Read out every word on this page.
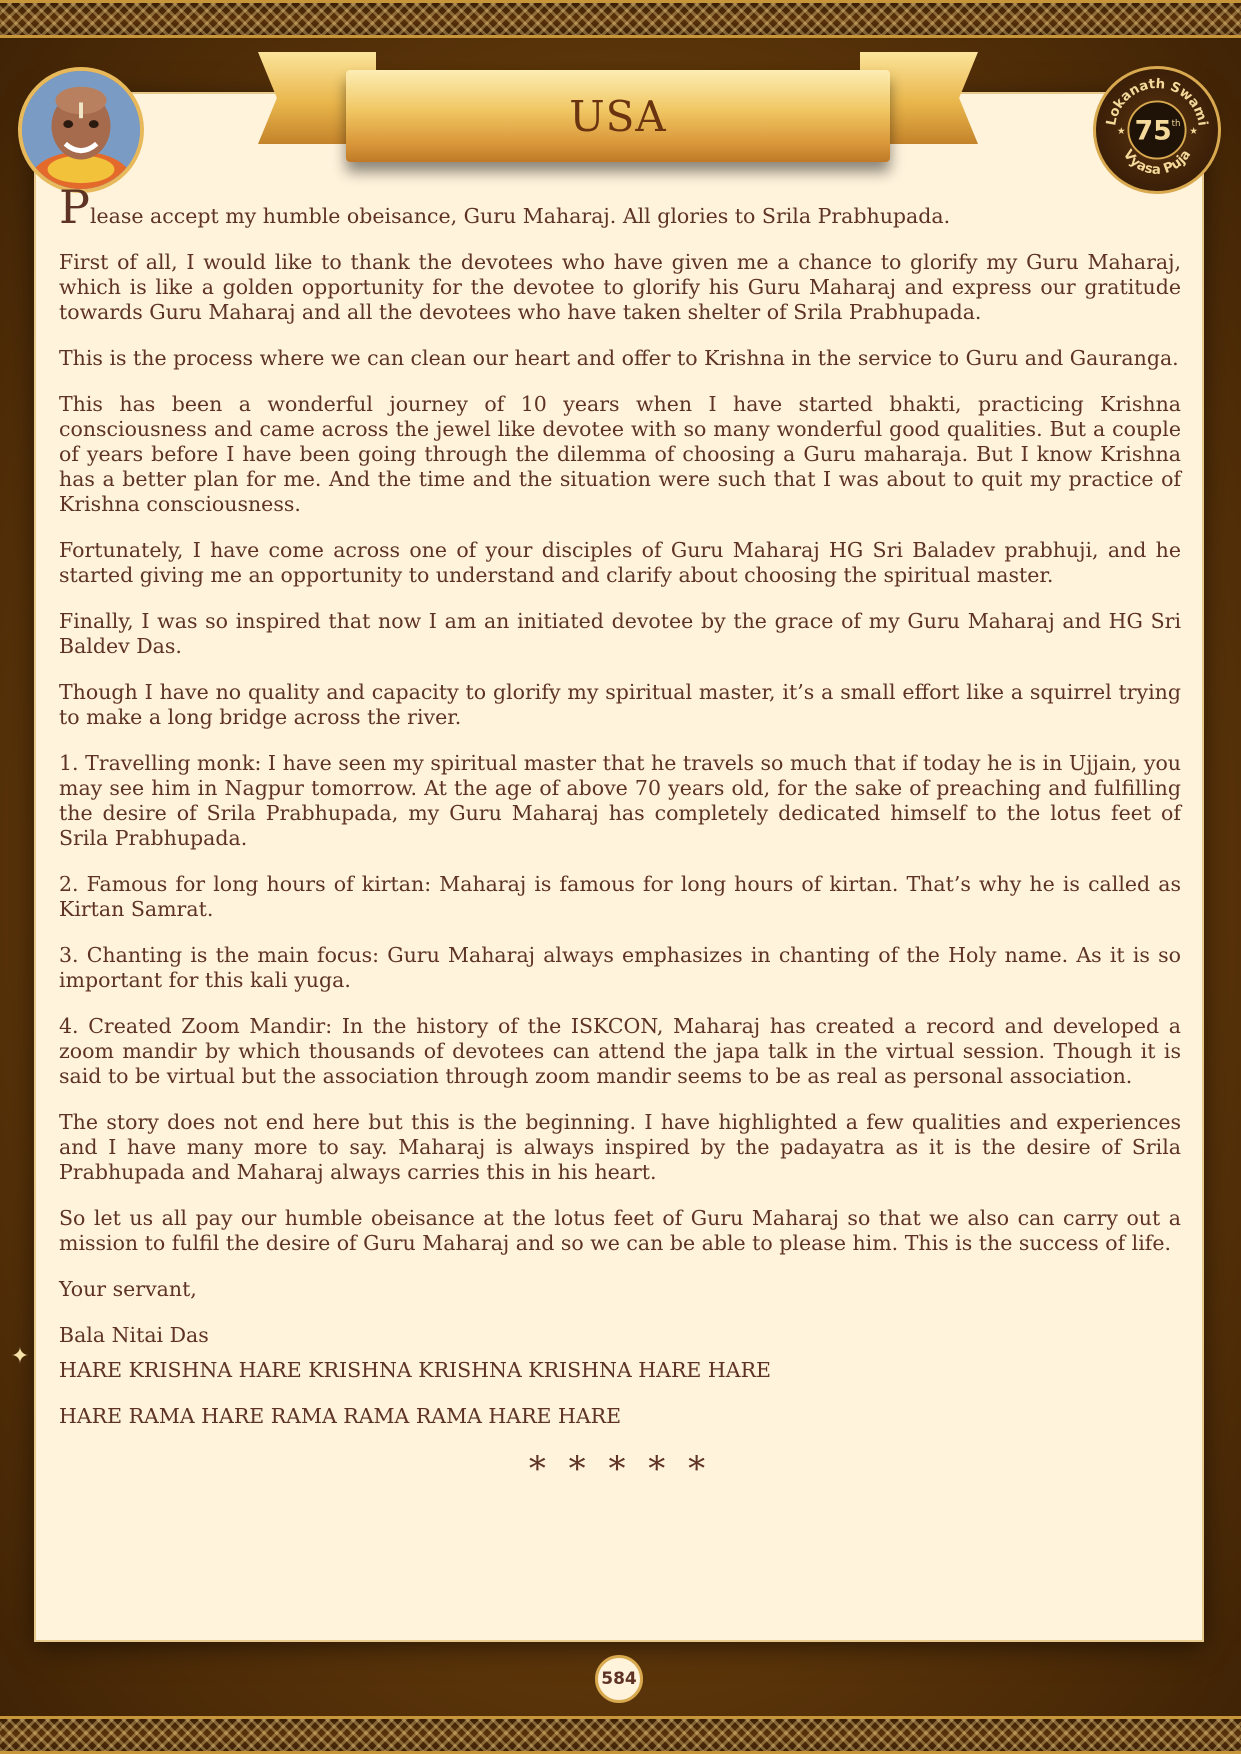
USA	Lokanath Swami
Vyasa Puja
75 th
★	★

Please accept my humble obeisance, Guru Maharaj. All glories to Srila Prabhupada.

First of all, I would like to thank the devotees who have given me a chance to glorify my Guru Maharaj, which is like a golden opportunity for the devotee to glorify his Guru Maharaj and express our gratitude towards Guru Maharaj and all the devotees who have taken shelter of Srila Prabhupada.

This is the process where we can clean our heart and offer to Krishna in the service to Guru and Gauranga.

This has been a wonderful journey of 10 years when I have started bhakti, practicing Krishna consciousness and came across the jewel like devotee with so many wonderful good qualities. But a couple of years before I have been going through the dilemma of choosing a Guru maharaja. But I know Krishna has a better plan for me. And the time and the situation were such that I was about to quit my practice of Krishna consciousness.

Fortunately, I have come across one of your disciples of Guru Maharaj HG Sri Baladev prabhuji, and he started giving me an opportunity to understand and clarify about choosing the spiritual master.

Finally, I was so inspired that now I am an initiated devotee by the grace of my Guru Maharaj and HG Sri Baldev Das.

Though I have no quality and capacity to glorify my spiritual master, it’s a small effort like a squirrel trying to make a long bridge across the river.

1. Travelling monk: I have seen my spiritual master that he travels so much that if today he is in Ujjain, you may see him in Nagpur tomorrow. At the age of above 70 years old, for the sake of preaching and fulfilling the desire of Srila Prabhupada, my Guru Maharaj has completely dedicated himself to the lotus feet of Srila Prabhupada.

2. Famous for long hours of kirtan: Maharaj is famous for long hours of kirtan. That’s why he is called as Kirtan Samrat.

3. Chanting is the main focus: Guru Maharaj always emphasizes in chanting of the Holy name. As it is so important for this kali yuga.

4. Created Zoom Mandir: In the history of the ISKCON, Maharaj has created a record and developed a zoom mandir by which thousands of devotees can attend the japa talk in the virtual session. Though it is said to be virtual but the association through zoom mandir seems to be as real as personal association.

The story does not end here but this is the beginning. I have highlighted a few qualities and experiences and I have many more to say. Maharaj is always inspired by the padayatra as it is the desire of Srila Prabhupada and Maharaj always carries this in his heart.

So let us all pay our humble obeisance at the lotus feet of Guru Maharaj so that we also can carry out a mission to fulfil the desire of Guru Maharaj and so we can be able to please him. This is the success of life.

Your servant,

Bala Nitai Das

HARE KRISHNA HARE KRISHNA KRISHNA KRISHNA HARE HARE

HARE RAMA HARE RAMA RAMA RAMA HARE HARE

* * * * *
✦
584
